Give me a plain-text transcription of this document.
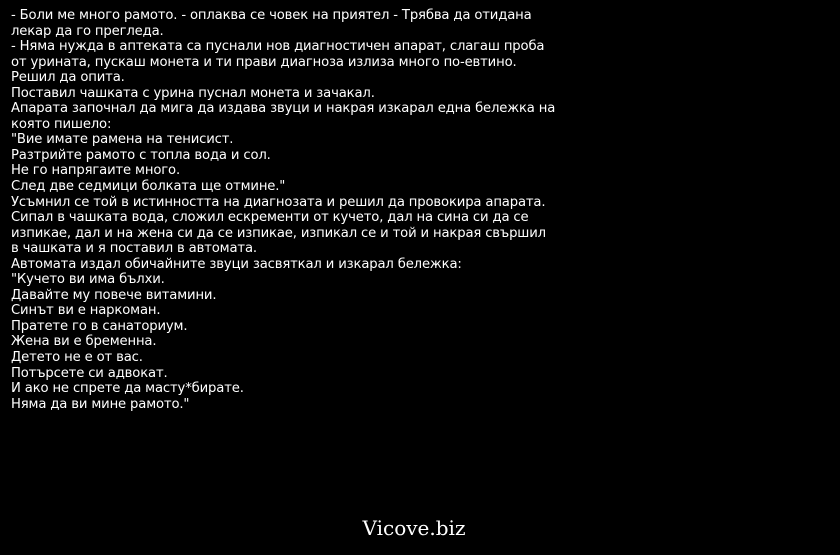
- Боли ме много рамото. - оплаква се човек на приятел - Трябва да отидана
лекар да го прегледа.
- Няма нужда в аптеката са пуснали нов диагностичен апарат, слагаш проба
от урината, пускаш монета и ти прави диагноза излиза много по-евтино.
Решил да опита.
Поставил чашката с урина пуснал монета и зачакал.
Апарата започнал да мига да издава звуци и накрая изкарал една бележка на
която пишело:
"Вие имате рамена на тенисист.
Разтрийте рамото с топла вода и сол.
Не го напрягаите много.
След две седмици болката ще отмине."
Усъмнил се той в истинността на диагнозата и решил да провокира апарата.
Сипал в чашката вода, сложил ескременти от кучето, дал на сина си да се
изпикае, дал и на жена си да се изпикае, изпикал се и той и накрая свършил
в чашката и я поставил в автомата.
Автомата издал обичайните звуци засвяткал и изкарал бележка:
"Кучето ви има бълхи.
Давайте му повече витамини.
Синът ви е наркоман.
Пратете го в санаториум.
Жена ви е бременна.
Детето не е от вас.
Потърсете си адвокат.
И ако не спрете да масту*бирате.
Няма да ви мине рамото."
Vicove.biz
